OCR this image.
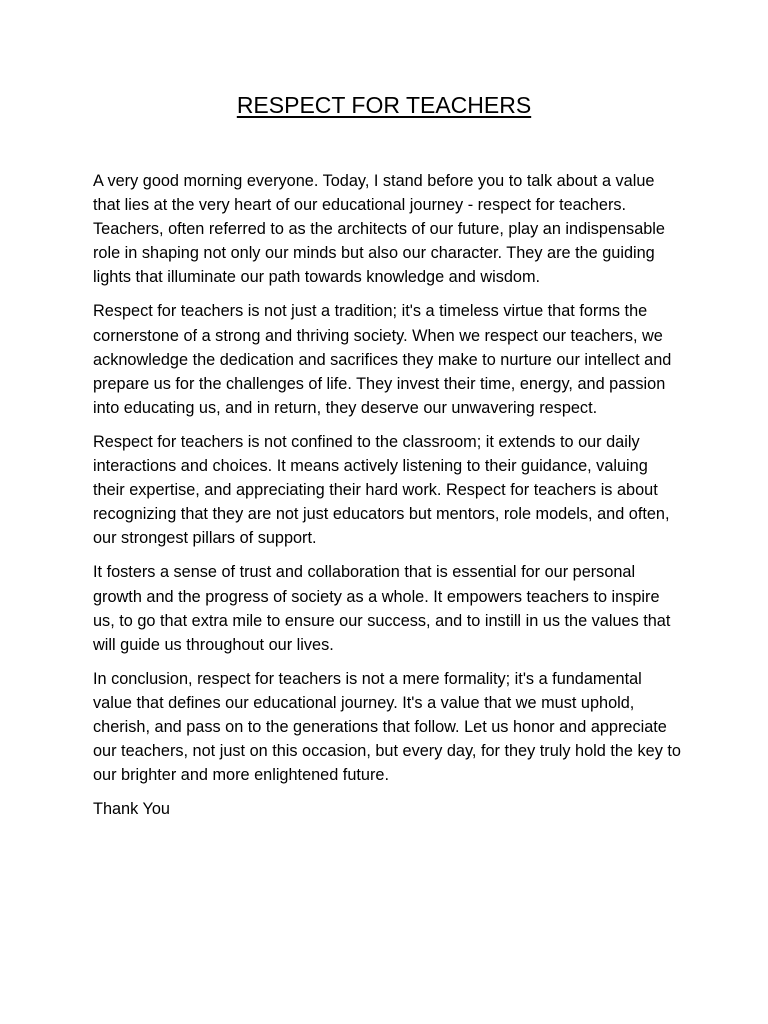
RESPECT FOR TEACHERS

A very good morning everyone. Today, I stand before you to talk about a value that lies at the very heart of our educational journey - respect for teachers. Teachers, often referred to as the architects of our future, play an indispensable role in shaping not only our minds but also our character. They are the guiding lights that illuminate our path towards knowledge and wisdom.

Respect for teachers is not just a tradition; it's a timeless virtue that forms the cornerstone of a strong and thriving society. When we respect our teachers, we acknowledge the dedication and sacrifices they make to nurture our intellect and prepare us for the challenges of life. They invest their time, energy, and passion into educating us, and in return, they deserve our unwavering respect.

Respect for teachers is not confined to the classroom; it extends to our daily interactions and choices. It means actively listening to their guidance, valuing their expertise, and appreciating their hard work. Respect for teachers is about recognizing that they are not just educators but mentors, role models, and often, our strongest pillars of support.

It fosters a sense of trust and collaboration that is essential for our personal growth and the progress of society as a whole. It empowers teachers to inspire us, to go that extra mile to ensure our success, and to instill in us the values that will guide us throughout our lives.

In conclusion, respect for teachers is not a mere formality; it's a fundamental value that defines our educational journey. It's a value that we must uphold, cherish, and pass on to the generations that follow. Let us honor and appreciate our teachers, not just on this occasion, but every day, for they truly hold the key to our brighter and more enlightened future.

Thank You
